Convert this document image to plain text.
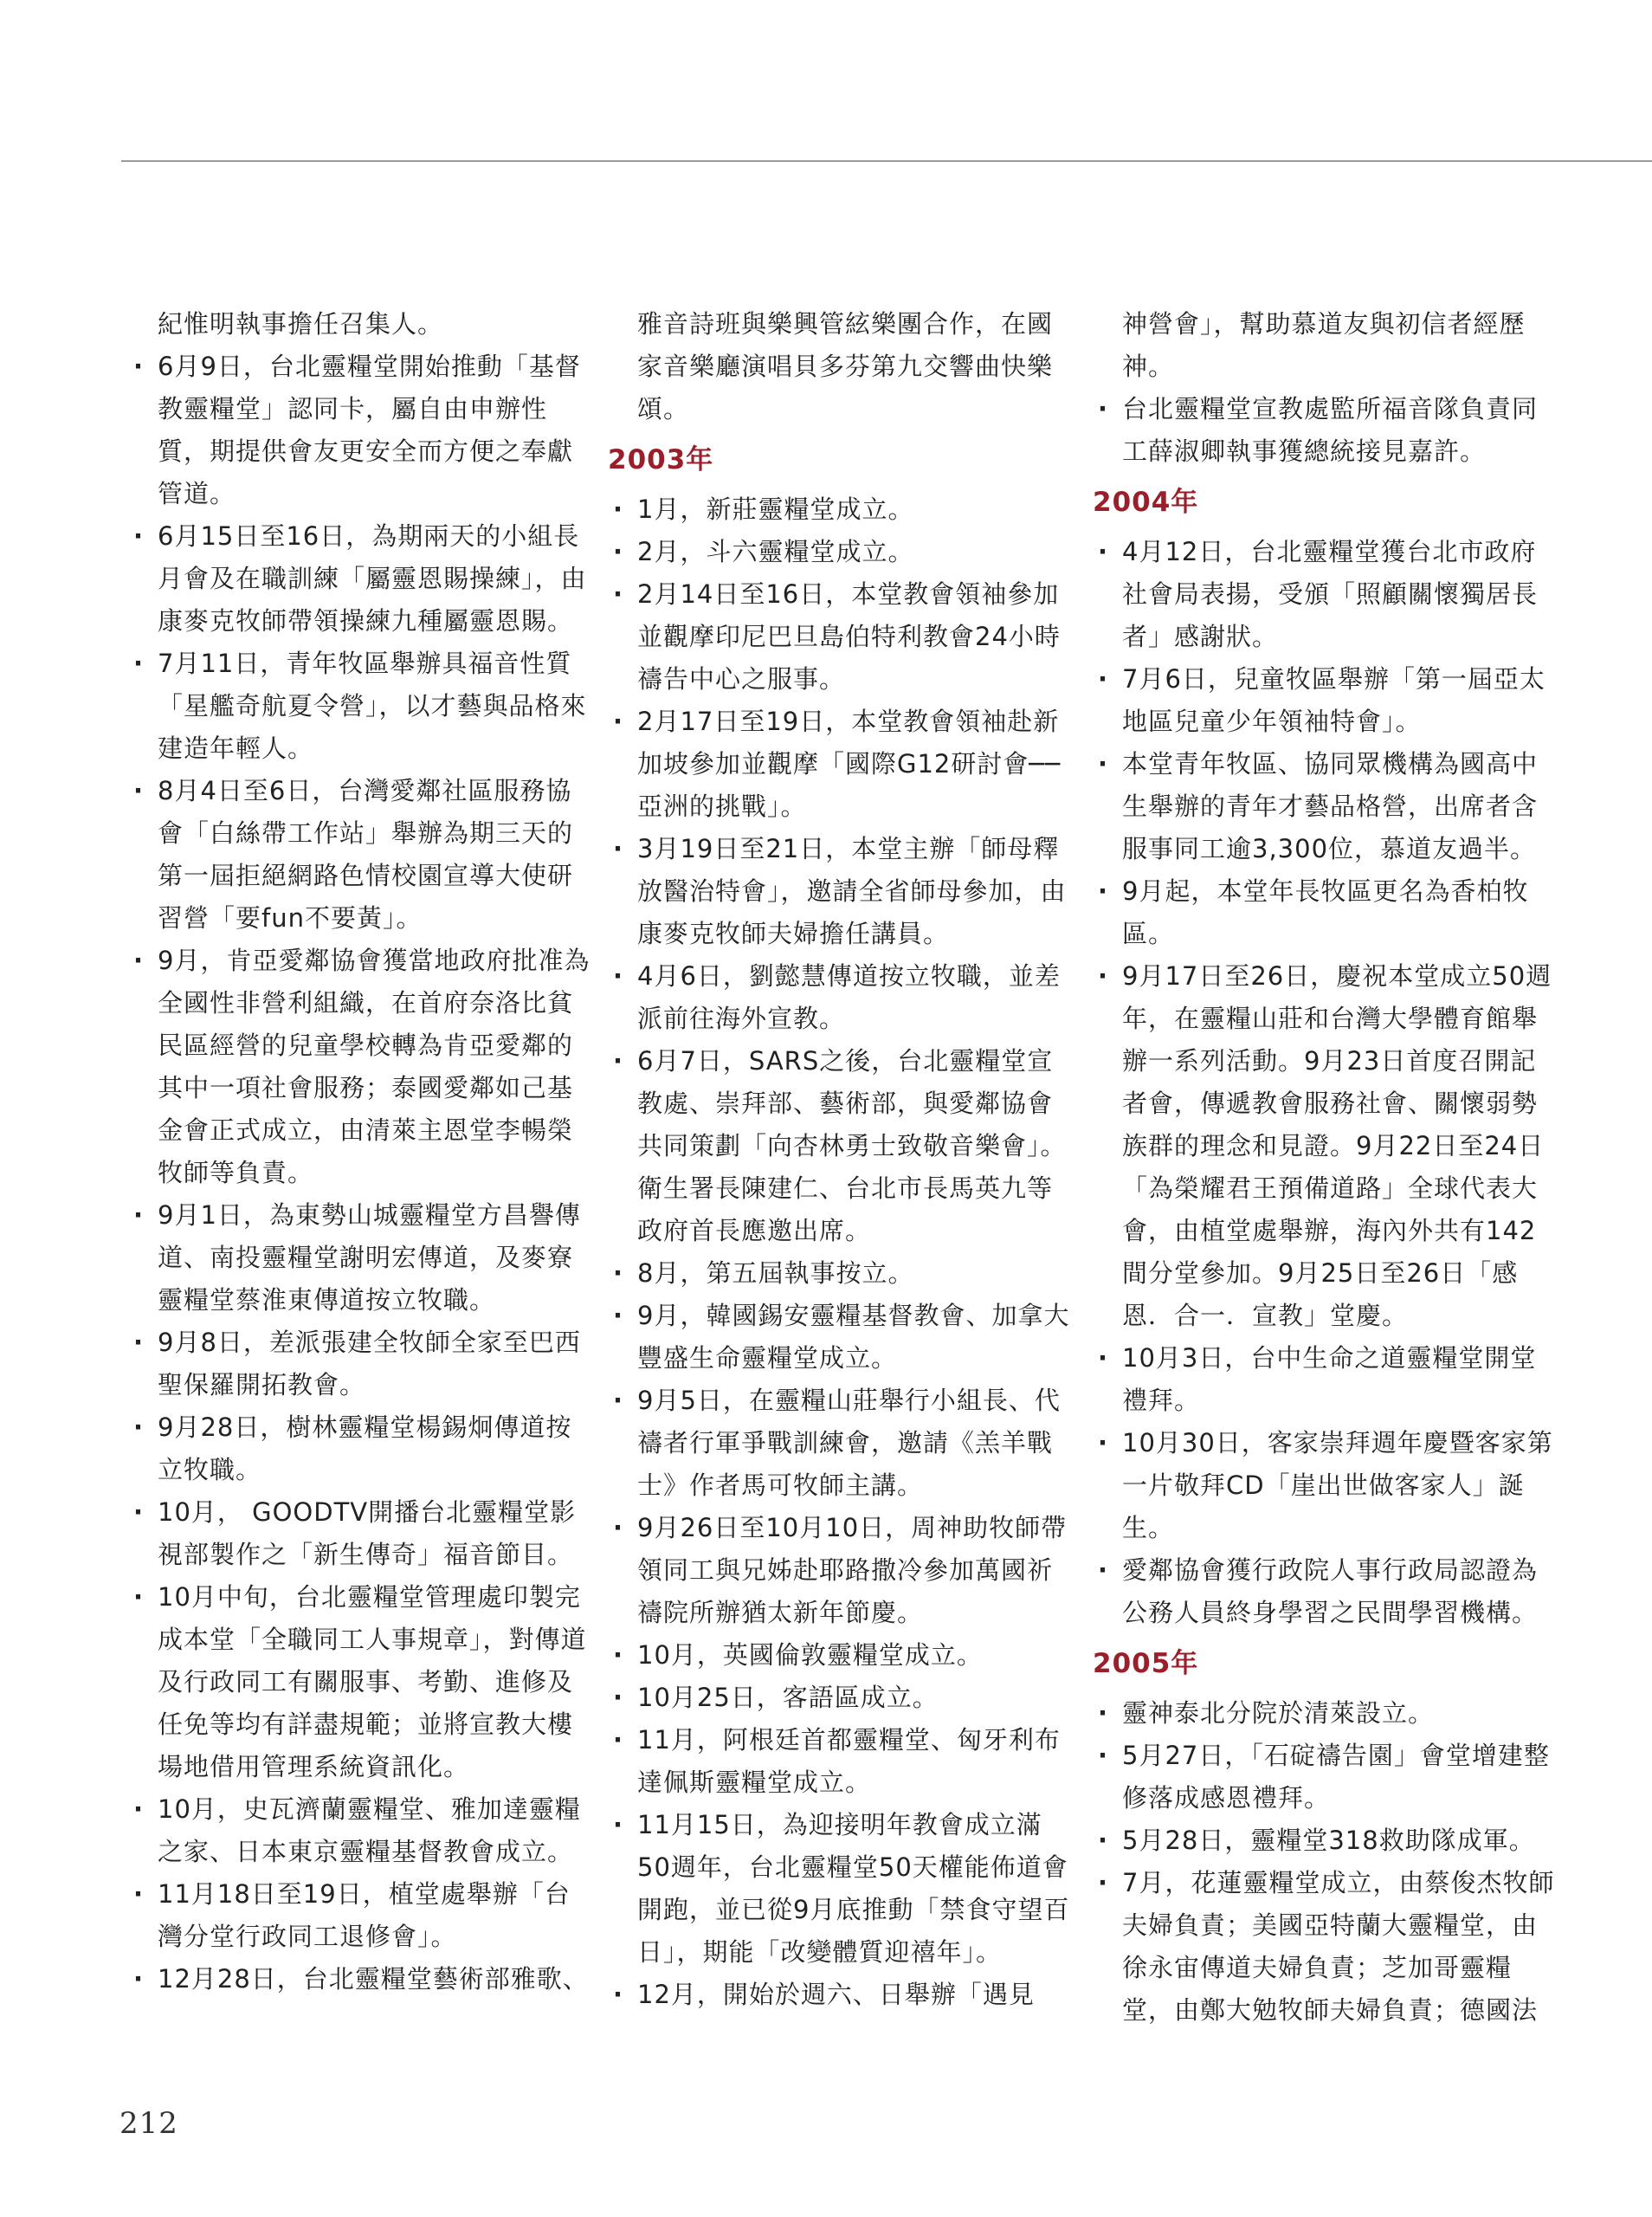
紀惟明執事擔任召集人。
· 6月9日，台北靈糧堂開始推動「基督教靈糧堂」認同卡，屬自由申辦性質，期提供會友更安全而方便之奉獻管道。
· 6月15日至16日，為期兩天的小組長月會及在職訓練「屬靈恩賜操練」，由康麥克牧師帶領操練九種屬靈恩賜。
· 7月11日，青年牧區舉辦具福音性質「星艦奇航夏令營」，以才藝與品格來建造年輕人。
· 8月4日至6日，台灣愛鄰社區服務協會「白絲帶工作站」舉辦為期三天的第一屆拒絕網路色情校園宣導大使研習營「要fun不要黃」。
· 9月，肯亞愛鄰協會獲當地政府批准為全國性非營利組織，在首府奈洛比貧民區經營的兒童學校轉為肯亞愛鄰的其中一項社會服務；泰國愛鄰如己基金會正式成立，由清萊主恩堂李暢榮牧師等負責。
· 9月1日，為東勢山城靈糧堂方昌譽傳道、南投靈糧堂謝明宏傳道，及麥寮靈糧堂蔡淮東傳道按立牧職。
· 9月8日，差派張建全牧師全家至巴西聖保羅開拓教會。
· 9月28日，樹林靈糧堂楊錫炯傳道按立牧職。
· 10月， GOODTV開播台北靈糧堂影視部製作之「新生傳奇」福音節目。
· 10月中旬，台北靈糧堂管理處印製完成本堂「全職同工人事規章」，對傳道及行政同工有關服事、考勤、進修及任免等均有詳盡規範；並將宣教大樓場地借用管理系統資訊化。
· 10月，史瓦濟蘭靈糧堂、雅加達靈糧之家、日本東京靈糧基督教會成立。
· 11月18日至19日，植堂處舉辦「台灣分堂行政同工退修會」。
· 12月28日，台北靈糧堂藝術部雅歌、
雅音詩班與樂興管絃樂團合作，在國家音樂廳演唱貝多芬第九交響曲快樂頌。
2003年
· 1月，新莊靈糧堂成立。
· 2月，斗六靈糧堂成立。
· 2月14日至16日，本堂教會領袖參加並觀摩印尼巴旦島伯特利教會24小時禱告中心之服事。
· 2月17日至19日，本堂教會領袖赴新加坡參加並觀摩「國際G12研討會──亞洲的挑戰」。
· 3月19日至21日，本堂主辦「師母釋放醫治特會」，邀請全省師母參加，由康麥克牧師夫婦擔任講員。
· 4月6日，劉懿慧傳道按立牧職，並差派前往海外宣教。
· 6月7日，SARS之後，台北靈糧堂宣教處、崇拜部、藝術部，與愛鄰協會共同策劃「向杏林勇士致敬音樂會」。衛生署長陳建仁、台北市長馬英九等政府首長應邀出席。
· 8月，第五屆執事按立。
· 9月，韓國錫安靈糧基督教會、加拿大豐盛生命靈糧堂成立。
· 9月5日，在靈糧山莊舉行小組長、代禱者行軍爭戰訓練會，邀請《羔羊戰士》作者馬可牧師主講。
· 9月26日至10月10日，周神助牧師帶領同工與兄姊赴耶路撒冷參加萬國祈禱院所辦猶太新年節慶。
· 10月，英國倫敦靈糧堂成立。
· 10月25日，客語區成立。
· 11月，阿根廷首都靈糧堂、匈牙利布達佩斯靈糧堂成立。
· 11月15日，為迎接明年教會成立滿50週年，台北靈糧堂50天權能佈道會開跑，並已從9月底推動「禁食守望百日」，期能「改變體質迎禧年」。
· 12月，開始於週六、日舉辦「遇見
神營會」，幫助慕道友與初信者經歷神。
· 台北靈糧堂宣教處監所福音隊負責同工薛淑卿執事獲總統接見嘉許。
2004年
· 4月12日，台北靈糧堂獲台北市政府社會局表揚，受頒「照顧關懷獨居長者」感謝狀。
· 7月6日，兒童牧區舉辦「第一屆亞太地區兒童少年領袖特會」。
· 本堂青年牧區、協同眾機構為國高中生舉辦的青年才藝品格營，出席者含服事同工逾3,300位，慕道友過半。
· 9月起，本堂年長牧區更名為香柏牧區。
· 9月17日至26日，慶祝本堂成立50週年，在靈糧山莊和台灣大學體育館舉辦一系列活動。9月23日首度召開記者會，傳遞教會服務社會、關懷弱勢族群的理念和見證。9月22日至24日「為榮耀君王預備道路」全球代表大會，由植堂處舉辦，海內外共有142間分堂參加。9月25日至26日「感恩．合一．宣教」堂慶。
· 10月3日，台中生命之道靈糧堂開堂禮拜。
· 10月30日，客家崇拜週年慶暨客家第一片敬拜CD「崖出世做客家人」誕生。
· 愛鄰協會獲行政院人事行政局認證為公務人員終身學習之民間學習機構。
2005年
· 靈神泰北分院於清萊設立。
· 5月27日，「石碇禱告園」會堂增建整修落成感恩禮拜。
· 5月28日，靈糧堂318救助隊成軍。
· 7月，花蓮靈糧堂成立，由蔡俊杰牧師夫婦負責；美國亞特蘭大靈糧堂，由徐永宙傳道夫婦負責；芝加哥靈糧堂，由鄭大勉牧師夫婦負責；德國法
212
